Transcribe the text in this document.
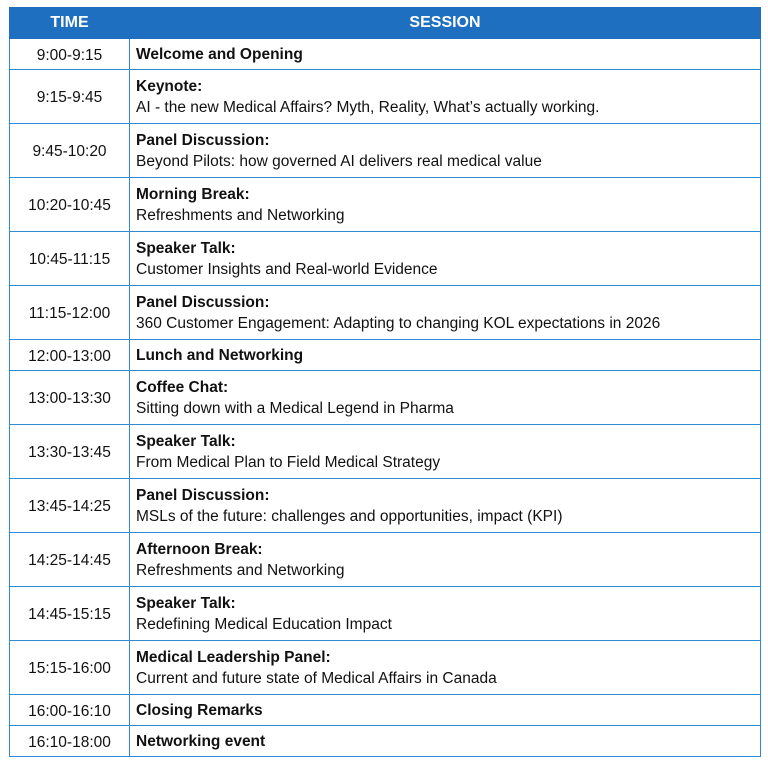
TIME	SESSION
9:00-9:15	Welcome and Opening

9:15-9:45	Keynote:
AI - the new Medical Affairs? Myth, Reality, What’s actually working.

9:45-10:20	Panel Discussion:
Beyond Pilots: how governed AI delivers real medical value

10:20-10:45	Morning Break:
Refreshments and Networking

10:45-11:15	Speaker Talk:
Customer Insights and Real-world Evidence

11:15-12:00	Panel Discussion:
360 Customer Engagement: Adapting to changing KOL expectations in 2026

12:00-13:00	Lunch and Networking

13:00-13:30	Coffee Chat:
Sitting down with a Medical Legend in Pharma

13:30-13:45	Speaker Talk:
From Medical Plan to Field Medical Strategy

13:45-14:25	Panel Discussion:
MSLs of the future: challenges and opportunities, impact (KPI)

14:25-14:45	Afternoon Break:
Refreshments and Networking

14:45-15:15	Speaker Talk:
Redefining Medical Education Impact

15:15-16:00	Medical Leadership Panel:
Current and future state of Medical Affairs in Canada

16:00-16:10	Closing Remarks

16:10-18:00	Networking event
